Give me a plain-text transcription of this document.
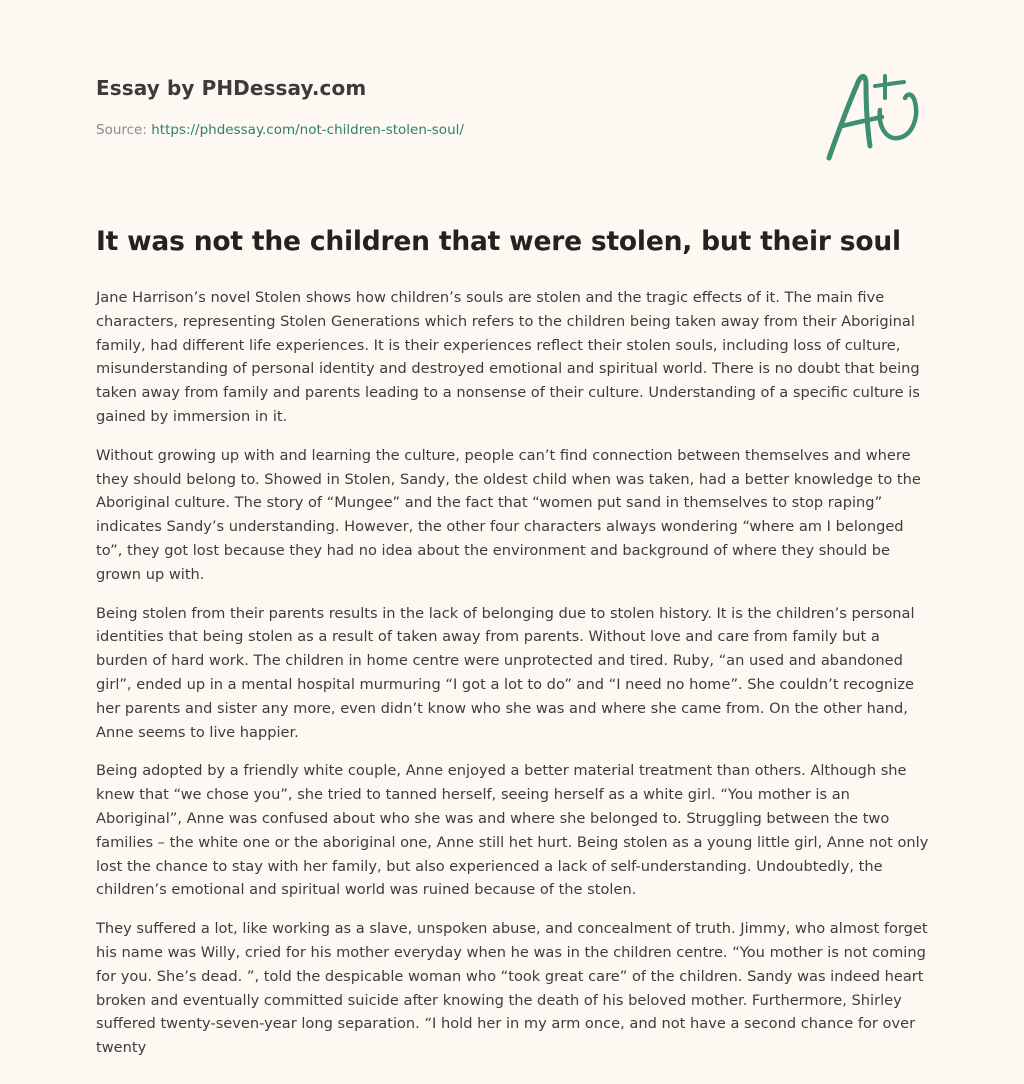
Essay by PHDessay.com
Source: https://phdessay.com/not-children-stolen-soul/
It was not the children that were stolen, but their soul

Jane Harrison’s novel Stolen shows how children’s souls are stolen and the tragic effects of it. The main five characters, representing Stolen Generations which refers to the children being taken away from their Aboriginal family, had different life experiences. It is their experiences reflect their stolen souls, including loss of culture, misunderstanding of personal identity and destroyed emotional and spiritual world. There is no doubt that being taken away from family and parents leading to a nonsense of their culture. Understanding of a specific culture is gained by immersion in it.

Without growing up with and learning the culture, people can’t find connection between themselves and where they should belong to. Showed in Stolen, Sandy, the oldest child when was taken, had a better knowledge to the Aboriginal culture. The story of “Mungee” and the fact that “women put sand in themselves to stop raping” indicates Sandy’s understanding. However, the other four characters always wondering “where am I belonged to”, they got lost because they had no idea about the environment and background of where they should be grown up with.

Being stolen from their parents results in the lack of belonging due to stolen history. It is the children’s personal identities that being stolen as a result of taken away from parents. Without love and care from family but a burden of hard work. The children in home centre were unprotected and tired. Ruby, “an used and abandoned girl”, ended up in a mental hospital murmuring “I got a lot to do” and “I need no home”. She couldn’t recognize her parents and sister any more, even didn’t know who she was and where she came from. On the other hand, Anne seems to live happier.

Being adopted by a friendly white couple, Anne enjoyed a better material treatment than others. Although she knew that “we chose you”, she tried to tanned herself, seeing herself as a white girl. “You mother is an Aboriginal”, Anne was confused about who she was and where she belonged to. Struggling between the two families – the white one or the aboriginal one, Anne still het hurt. Being stolen as a young little girl, Anne not only lost the chance to stay with her family, but also experienced a lack of self-understanding. Undoubtedly, the children’s emotional and spiritual world was ruined because of the stolen.

They suffered a lot, like working as a slave, unspoken abuse, and concealment of truth. Jimmy, who almost forget his name was Willy, cried for his mother everyday when he was in the children centre. “You mother is not coming for you. She’s dead. ”, told the despicable woman who “took great care” of the children. Sandy was indeed heart broken and eventually committed suicide after knowing the death of his beloved mother. Furthermore, Shirley suffered twenty-seven-year long separation. “I hold her in my arm once, and not have a second chance for over twenty
